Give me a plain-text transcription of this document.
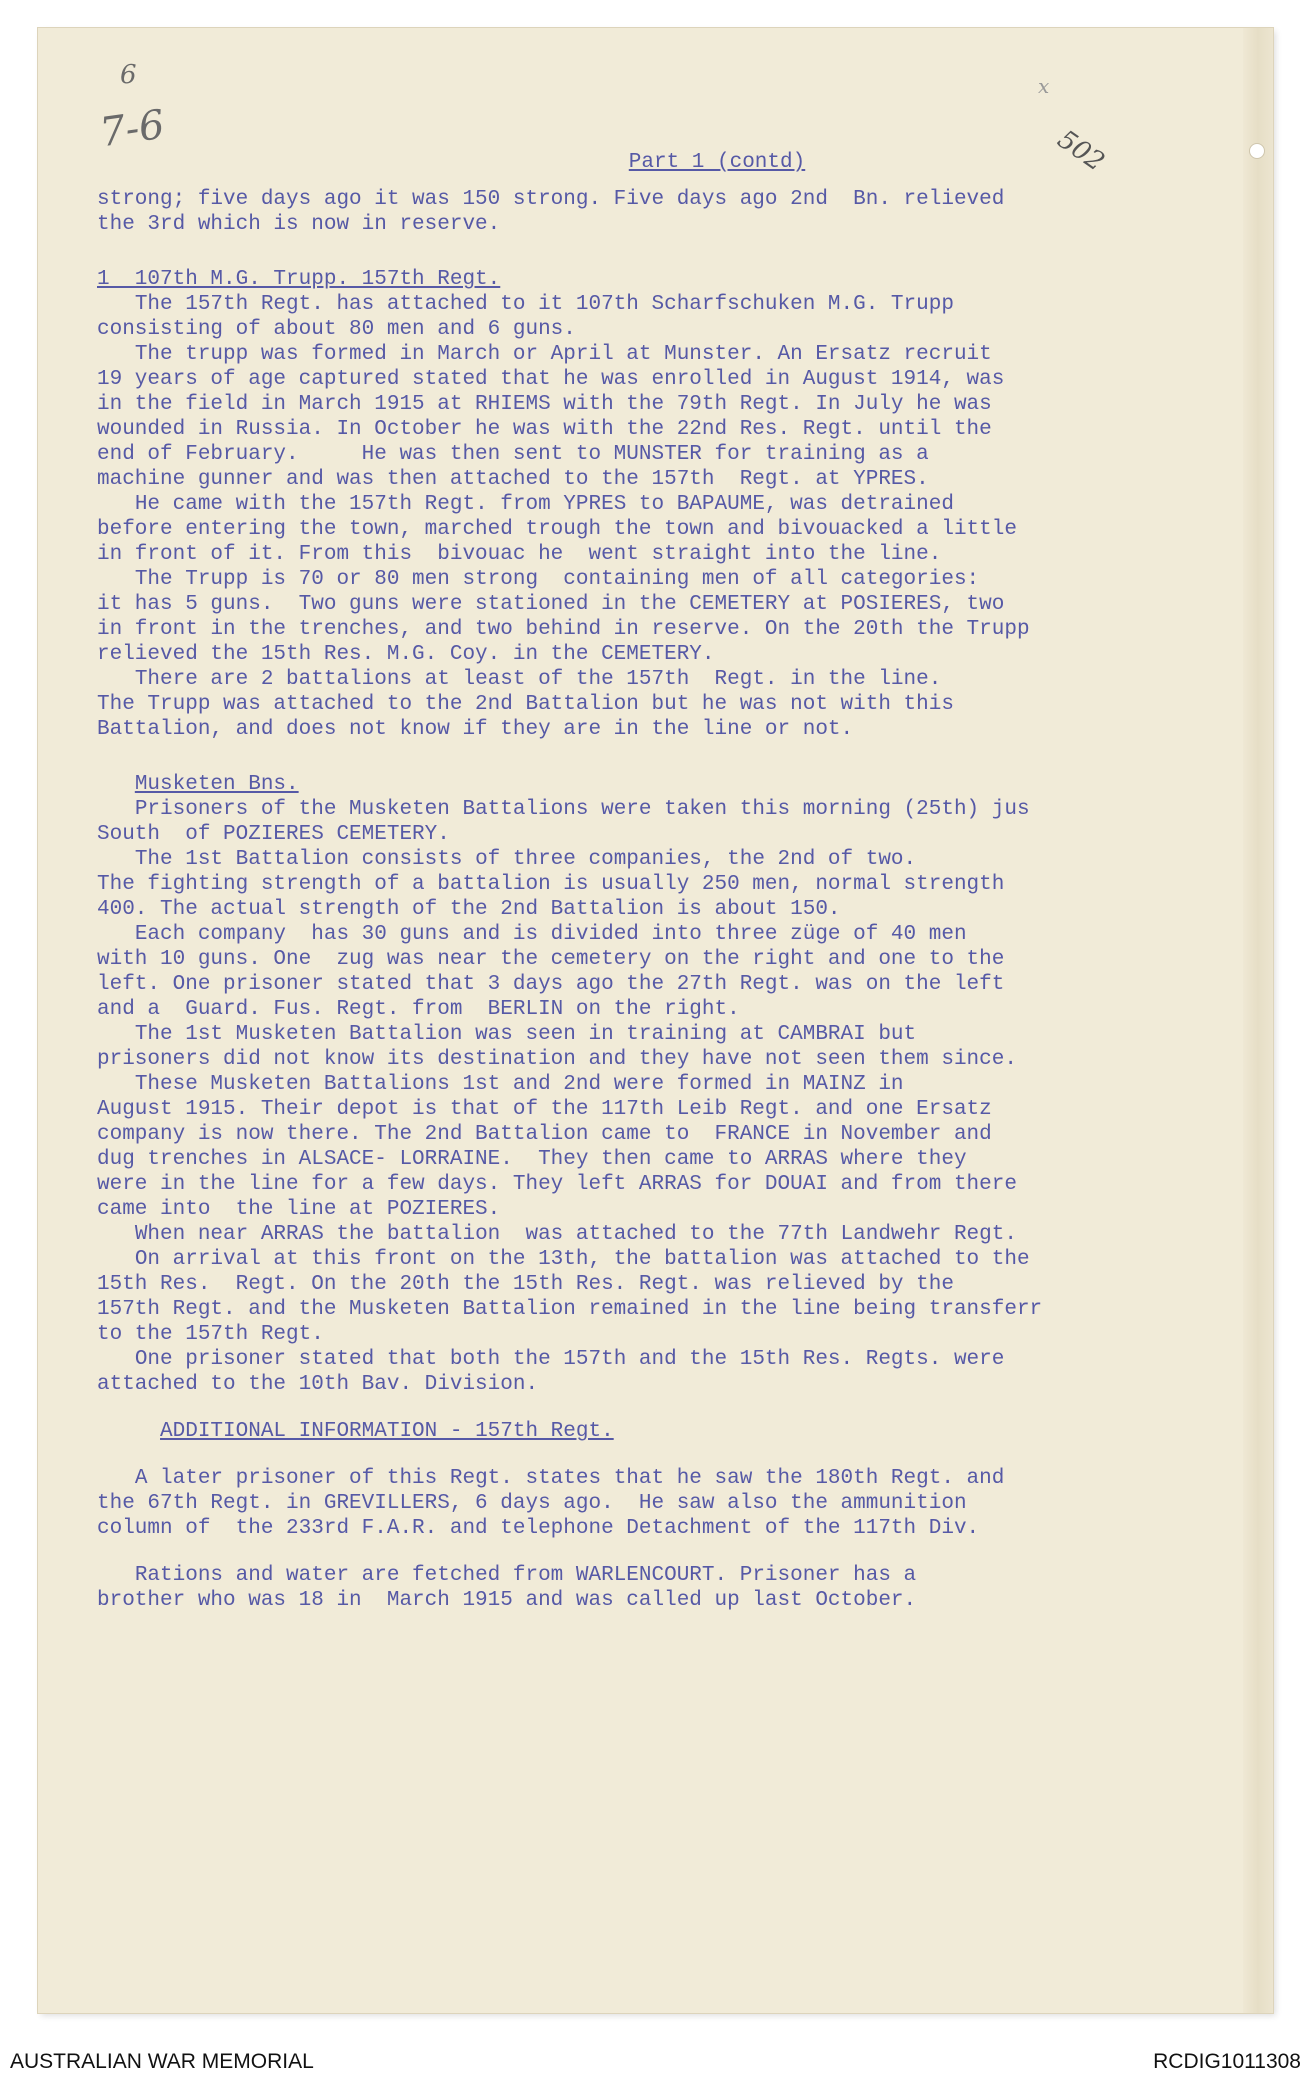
6
7-6	502
x
Part 1 (contd)

strong; five days ago it was 150 strong. Five days ago 2nd  Bn. relieved
the 3rd which is now in reserve.

1  107th M.G. Trupp. 157th Regt.

The 157th Regt. has attached to it 107th Scharfschuken M.G. Trupp
consisting of about 80 men and 6 guns.

The trupp was formed in March or April at Munster. An Ersatz recruit
19 years of age captured stated that he was enrolled in August 1914, was
in the field in March 1915 at RHIEMS with the 79th Regt. In July he was
wounded in Russia. In October he was with the 22nd Res. Regt. until the
end of February.     He was then sent to MUNSTER for training as a
machine gunner and was then attached to the 157th  Regt. at YPRES.

He came with the 157th Regt. from YPRES to BAPAUME, was detrained
before entering the town, marched trough the town and bivouacked a little
in front of it. From this  bivouac he  went straight into the line.

The Trupp is 70 or 80 men strong  containing men of all categories:
it has 5 guns.  Two guns were stationed in the CEMETERY at POSIERES, two
in front in the trenches, and two behind in reserve. On the 20th the Trupp
relieved the 15th Res. M.G. Coy. in the CEMETERY.

There are 2 battalions at least of the 157th  Regt. in the line.
The Trupp was attached to the 2nd Battalion but he was not with this
Battalion, and does not know if they are in the line or not.

Musketen Bns.

Prisoners of the Musketen Battalions were taken this morning (25th) jus
South  of POZIERES CEMETERY.

The 1st Battalion consists of three companies, the 2nd of two.
The fighting strength of a battalion is usually 250 men, normal strength
400. The actual strength of the 2nd Battalion is about 150.

Each company  has 30 guns and is divided into three züge of 40 men
with 10 guns. One  zug was near the cemetery on the right and one to the
left. One prisoner stated that 3 days ago the 27th Regt. was on the left
and a  Guard. Fus. Regt. from  BERLIN on the right.

The 1st Musketen Battalion was seen in training at CAMBRAI but
prisoners did not know its destination and they have not seen them since.

These Musketen Battalions 1st and 2nd were formed in MAINZ in
August 1915. Their depot is that of the 117th Leib Regt. and one Ersatz
company is now there. The 2nd Battalion came to  FRANCE in November and
dug trenches in ALSACE- LORRAINE.  They then came to ARRAS where they
were in the line for a few days. They left ARRAS for DOUAI and from there
came into  the line at POZIERES.

When near ARRAS the battalion  was attached to the 77th Landwehr Regt.

On arrival at this front on the 13th, the battalion was attached to the
15th Res.  Regt. On the 20th the 15th Res. Regt. was relieved by the
157th Regt. and the Musketen Battalion remained in the line being transferr
to the 157th Regt.

One prisoner stated that both the 157th and the 15th Res. Regts. were
attached to the 10th Bav. Division.

ADDITIONAL INFORMATION - 157th Regt.

A later prisoner of this Regt. states that he saw the 180th Regt. and
the 67th Regt. in GREVILLERS, 6 days ago.  He saw also the ammunition
column of  the 233rd F.A.R. and telephone Detachment of the 117th Div.

Rations and water are fetched from WARLENCOURT. Prisoner has a
brother who was 18 in  March 1915 and was called up last October.

AUSTRALIAN WAR MEMORIAL	RCDIG1011308
